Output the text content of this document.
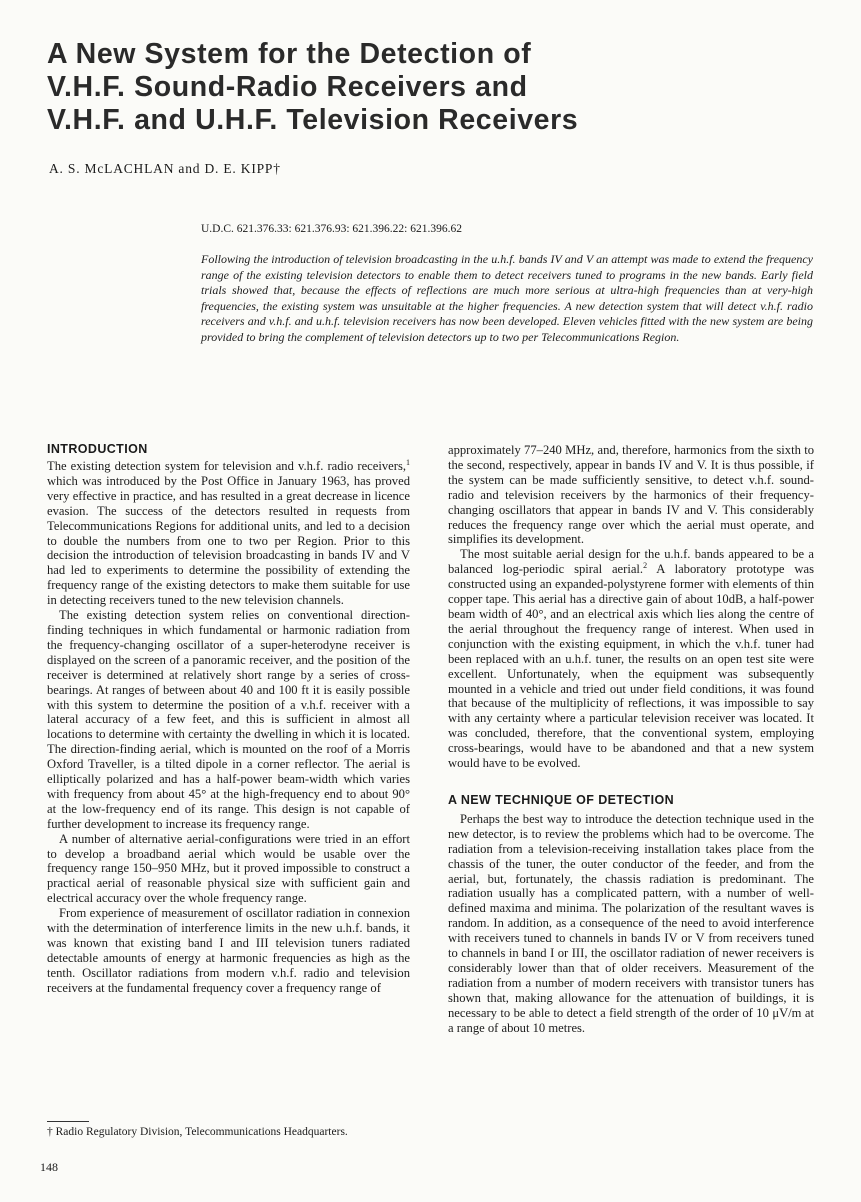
A New System for the Detection of
V.H.F. Sound-Radio Receivers and
V.H.F. and U.H.F. Television Receivers
A. S. McLACHLAN and D. E. KIPP†
U.D.C. 621.376.33: 621.376.93: 621.396.22: 621.396.62

Following the introduction of television broadcasting in the u.h.f. bands IV and V an attempt was made to extend the frequency range of the existing television detectors to enable them to detect receivers tuned to programs in the new bands. Early field trials showed that, because the effects of reflections are much more serious at ultra-high frequencies than at very-high frequencies, the existing system was unsuitable at the higher frequencies. A new detection system that will detect v.h.f. radio receivers and v.h.f. and u.h.f. television receivers has now been developed. Eleven vehicles fitted with the new system are being provided to bring the complement of television detectors up to two per Telecommunications Region.

INTRODUCTION

The existing detection system for television and v.h.f. radio receivers,$^1$ which was introduced by the Post Office in January 1963, has proved very effective in practice, and has resulted in a great decrease in licence evasion. The success of the detectors resulted in requests from Telecommunications Regions for additional units, and led to a decision to double the numbers from one to two per Region. Prior to this decision the introduction of television broadcasting in bands IV and V had led to experiments to determine the possibility of extending the frequency range of the existing detectors to make them suitable for use in detecting receivers tuned to the new television channels.

The existing detection system relies on conventional direction-finding techniques in which fundamental or harmonic radiation from the frequency-changing oscillator of a super-heterodyne receiver is displayed on the screen of a panoramic receiver, and the position of the receiver is determined at relatively short range by a series of cross-bearings. At ranges of between about 40 and 100 ft it is easily possible with this system to determine the position of a v.h.f. receiver with a lateral accuracy of a few feet, and this is sufficient in almost all locations to determine with certainty the dwelling in which it is located. The direction-finding aerial, which is mounted on the roof of a Morris Oxford Traveller, is a tilted dipole in a corner reflector. The aerial is elliptically polarized and has a half-power beam-width which varies with frequency from about 45° at the high-frequency end to about 90° at the low-frequency end of its range. This design is not capable of further development to increase its frequency range.

A number of alternative aerial-configurations were tried in an effort to develop a broadband aerial which would be usable over the frequency range 150–950 MHz, but it proved impossible to construct a practical aerial of reasonable physical size with sufficient gain and electrical accuracy over the whole frequency range.

From experience of measurement of oscillator radiation in connexion with the determination of interference limits in the new u.h.f. bands, it was known that existing band I and III television tuners radiated detectable amounts of energy at harmonic frequencies as high as the tenth. Oscillator radiations from modern v.h.f. radio and television receivers at the fundamental frequency cover a frequency range of

approximately 77–240 MHz, and, therefore, harmonics from the sixth to the second, respectively, appear in bands IV and V. It is thus possible, if the system can be made sufficiently sensitive, to detect v.h.f. sound-radio and television receivers by the harmonics of their frequency-changing oscillators that appear in bands IV and V. This considerably reduces the frequency range over which the aerial must operate, and simplifies its development.

The most suitable aerial design for the u.h.f. bands appeared to be a balanced log-periodic spiral aerial.$^2$ A laboratory prototype was constructed using an expanded-polystyrene former with elements of thin copper tape. This aerial has a directive gain of about 10dB, a half-power beam width of 40°, and an electrical axis which lies along the centre of the aerial throughout the frequency range of interest. When used in conjunction with the existing equipment, in which the v.h.f. tuner had been replaced with an u.h.f. tuner, the results on an open test site were excellent. Unfortunately, when the equipment was subsequently mounted in a vehicle and tried out under field conditions, it was found that because of the multiplicity of reflections, it was impossible to say with any certainty where a particular television receiver was located. It was concluded, therefore, that the conventional system, employing cross-bearings, would have to be abandoned and that a new system would have to be evolved.

A NEW TECHNIQUE OF DETECTION

Perhaps the best way to introduce the detection technique used in the new detector, is to review the problems which had to be overcome. The radiation from a television-receiving installation takes place from the chassis of the tuner, the outer conductor of the feeder, and from the aerial, but, fortunately, the chassis radiation is predominant. The radiation usually has a complicated pattern, with a number of well-defined maxima and minima. The polarization of the resultant waves is random. In addition, as a consequence of the need to avoid interference with receivers tuned to channels in bands IV or V from receivers tuned to channels in band I or III, the oscillator radiation of newer receivers is considerably lower than that of older receivers. Measurement of the radiation from a number of modern receivers with transistor tuners has shown that, making allowance for the attenuation of buildings, it is necessary to be able to detect a field strength of the order of 10 μV/m at a range of about 10 metres.

† Radio Regulatory Division, Telecommunications Headquarters.
148
